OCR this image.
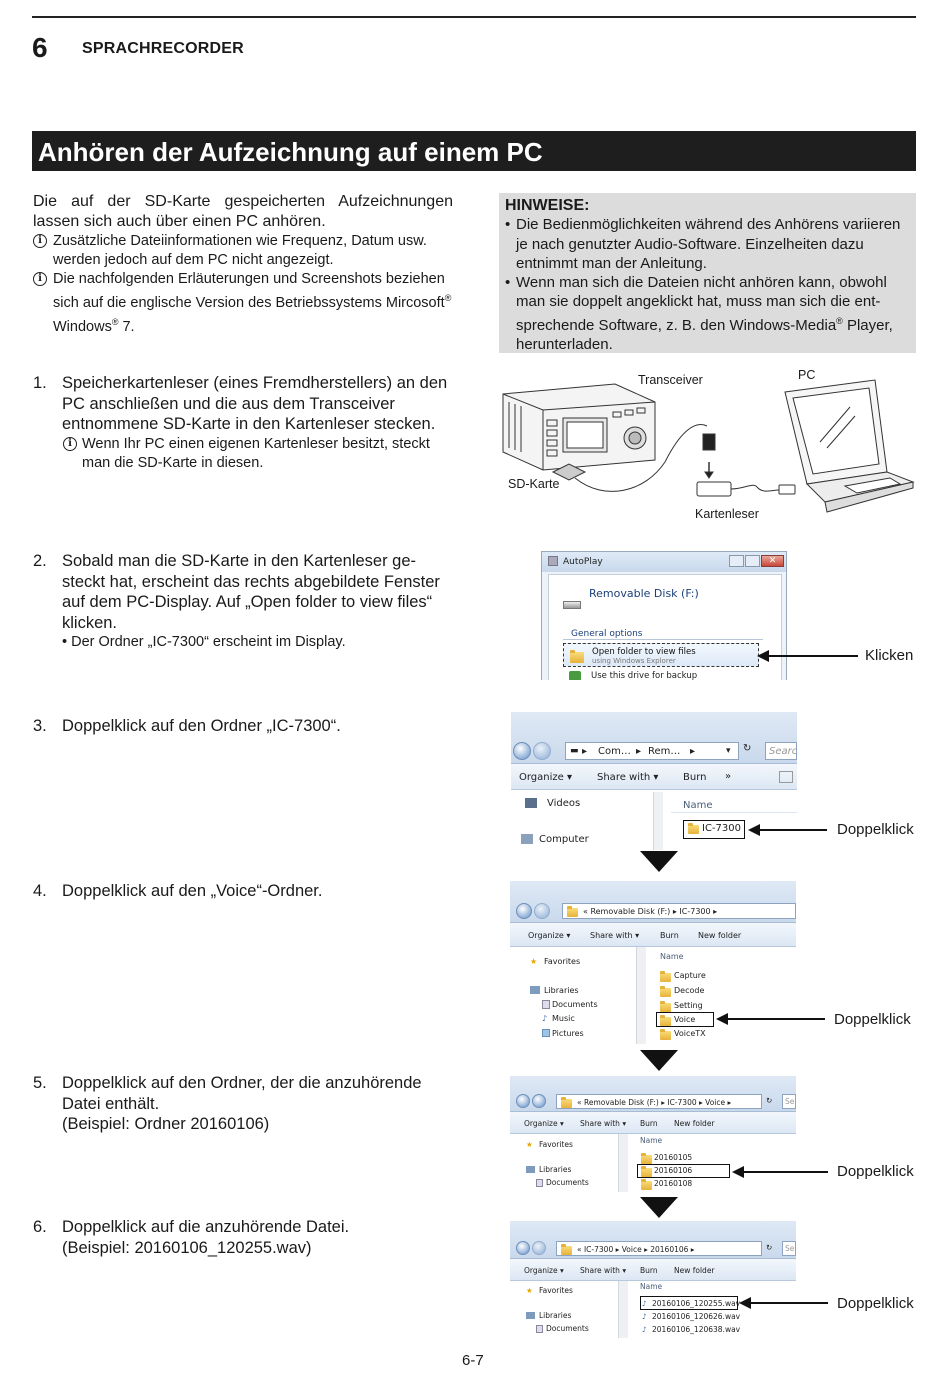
6 SPRACHRECORDER
Anhören der Aufzeichnung auf einem PC

Die auf der SD-Karte gespeicherten Aufzeichnungen lassen sich auch über einen PC anhören.

i Zusätzliche Dateiinformationen wie Frequenz, Datum usw. werden jedoch auf dem PC nicht angezeigt.
i Die nachfolgenden Erläuterungen und Screenshots beziehen sich auf die englische Version des Betriebssystems Mircosoft® Windows® 7.
HINWEISE:
• Die Bedienmöglichkeiten während des Anhörens variieren je nach genutzter Audio-Software. Einzelheiten dazu entnimmt man der Anleitung.
• Wenn man sich die Dateien nicht anhören kann, obwohl man sie doppelt angeklickt hat, muss man sich die entsprechende Software, z. B. den Windows-Media® Player, herunterladen.
1. Speicherkartenleser (eines Fremdherstellers) an den PC anschließen und die aus dem Transceiver entnommene SD-Karte in den Kartenleser stecken.
i Wenn Ihr PC einen eigenen Kartenleser besitzt, steckt man die SD-Karte in diesen.
2. Sobald man die SD-Karte in den Kartenleser gesteckt hat, erscheint das rechts abgebildete Fenster auf dem PC-Display. Auf „Open folder to view files“ klicken.
• Der Ordner „IC-7300“ erscheint im Display.
3. Doppelklick auf den Ordner „IC-7300“.
4. Doppelklick auf den „Voice“-Ordner.
5. Doppelklick auf den Ordner, der die anzuhörende Datei enthält.
(Beispiel: Ordner 20160106)
6. Doppelklick auf die anzuhörende Datei.
(Beispiel: 20160106_120255.wav)
Transceiver	PC
SD-Karte
Kartenleser
AutoPlay	✕
Removable Disk (F:)
General options
Open folder to view files
using Windows Explorer
Use this drive for backup
Klicken
▬ ▸ Com… ▸ Rem… ▸	▾ ↻	Searc
Organize ▾	Share with ▾ Burn »
Videos
Computer
Name
IC-7300	Doppelklick
« Removable Disk (F:) ▸ IC-7300 ▸
Organize ▾ Share with ▾	Burn New folder
★ Favorites
Libraries
Documents
♪ Music
Pictures
Name
Capture
Decode
Setting
Voice
VoiceTX
Doppelklick
« Removable Disk (F:) ▸ IC-7300 ▸ Voice ▸	↻	Se
Organize ▾ Share with ▾ Burn New folder
★ Favorites
Libraries
Documents
Name
20160105
20160106
20160108
Doppelklick
« IC-7300 ▸ Voice ▸ 20160106 ▸	↻	Se
Organize ▾ Share with ▾ Burn New folder
★ Favorites
Libraries
Documents
Name
♪ 20160106_120255.wav
♪ 20160106_120626.wav
♪ 20160106_120638.wav
Doppelklick
6-7
